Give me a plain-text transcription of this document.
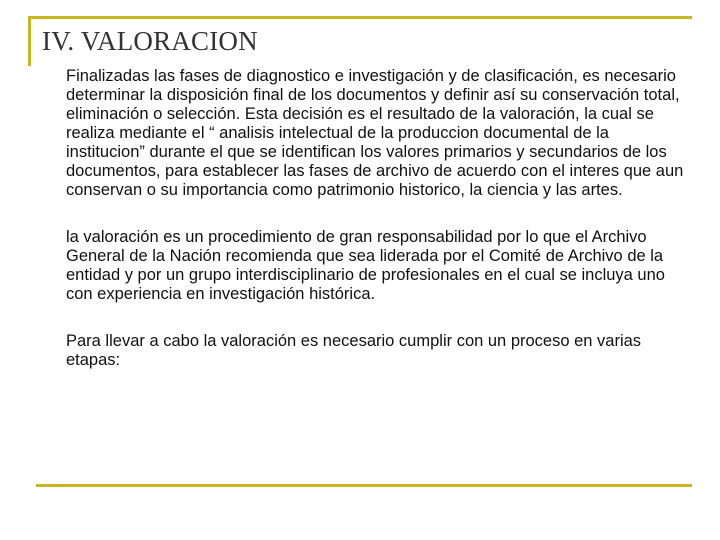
IV. VALORACION

Finalizadas las fases de diagnostico e investigación y de clasificación, es necesario determinar la disposición final de los documentos y definir así su conservación total, eliminación o selección. Esta decisión es el resultado de la valoración, la cual se realiza mediante el “ analisis intelectual de la produccion documental de la institucion” durante el que se identifican los valores primarios y secundarios de los documentos, para establecer las fases de archivo de acuerdo con el interes que aun conservan o su importancia como patrimonio historico, la ciencia y las artes.

la valoración es un procedimiento de gran responsabilidad por lo que el Archivo General de la Nación recomienda que sea liderada por el Comité de Archivo de la entidad y por un grupo interdisciplinario de profesionales en el cual se incluya uno con experiencia en investigación histórica.

Para llevar a cabo la valoración es necesario cumplir con un proceso en varias etapas:
